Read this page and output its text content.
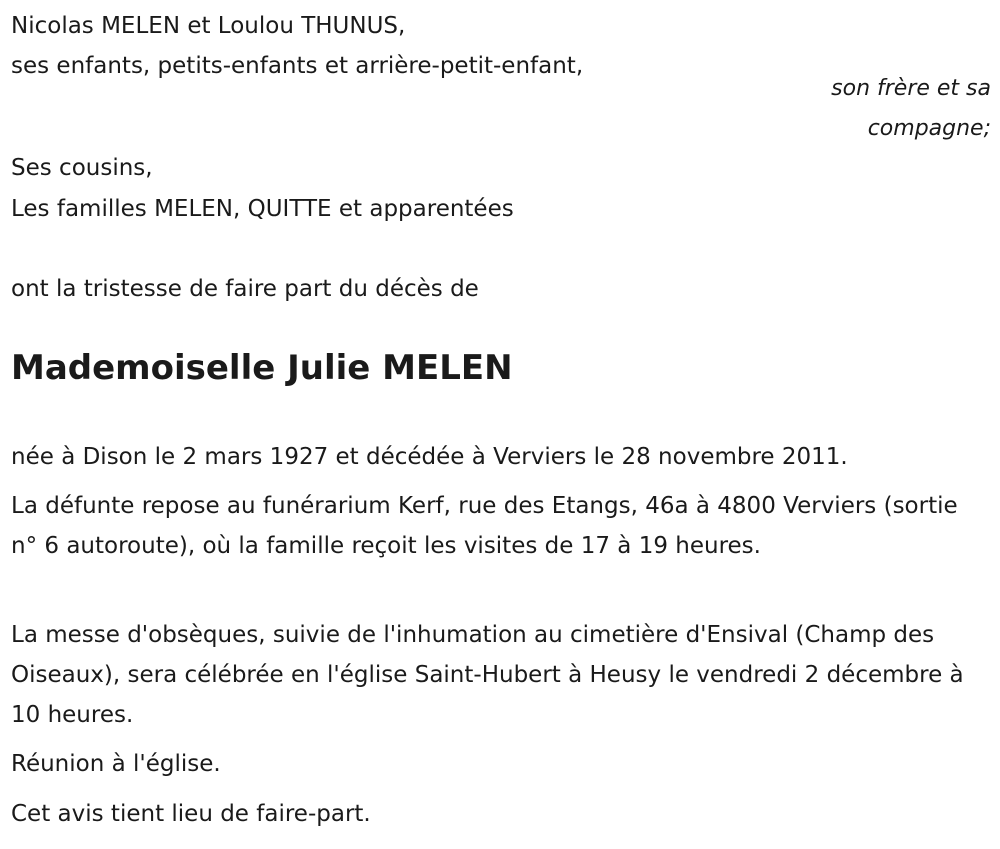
Nicolas MELEN et Loulou THUNUS,
ses enfants, petits-enfants et arrière-petit-enfant,
son frère et sa
compagne;
Ses cousins,
Les familles MELEN, QUITTE et apparentées
ont la tristesse de faire part du décès de
Mademoiselle Julie MELEN

née à Dison le 2 mars 1927 et décédée à Verviers le 28 novembre 2011.

La défunte repose au funérarium Kerf, rue des Etangs, 46a à 4800 Verviers (sortie n° 6 autoroute), où la famille reçoit les visites de 17 à 19 heures.

La messe d'obsèques, suivie de l'inhumation au cimetière d'Ensival (Champ des Oiseaux), sera célébrée en l'église Saint-Hubert à Heusy le vendredi 2 décembre à 10 heures.

Réunion à l'église.

Cet avis tient lieu de faire-part.
